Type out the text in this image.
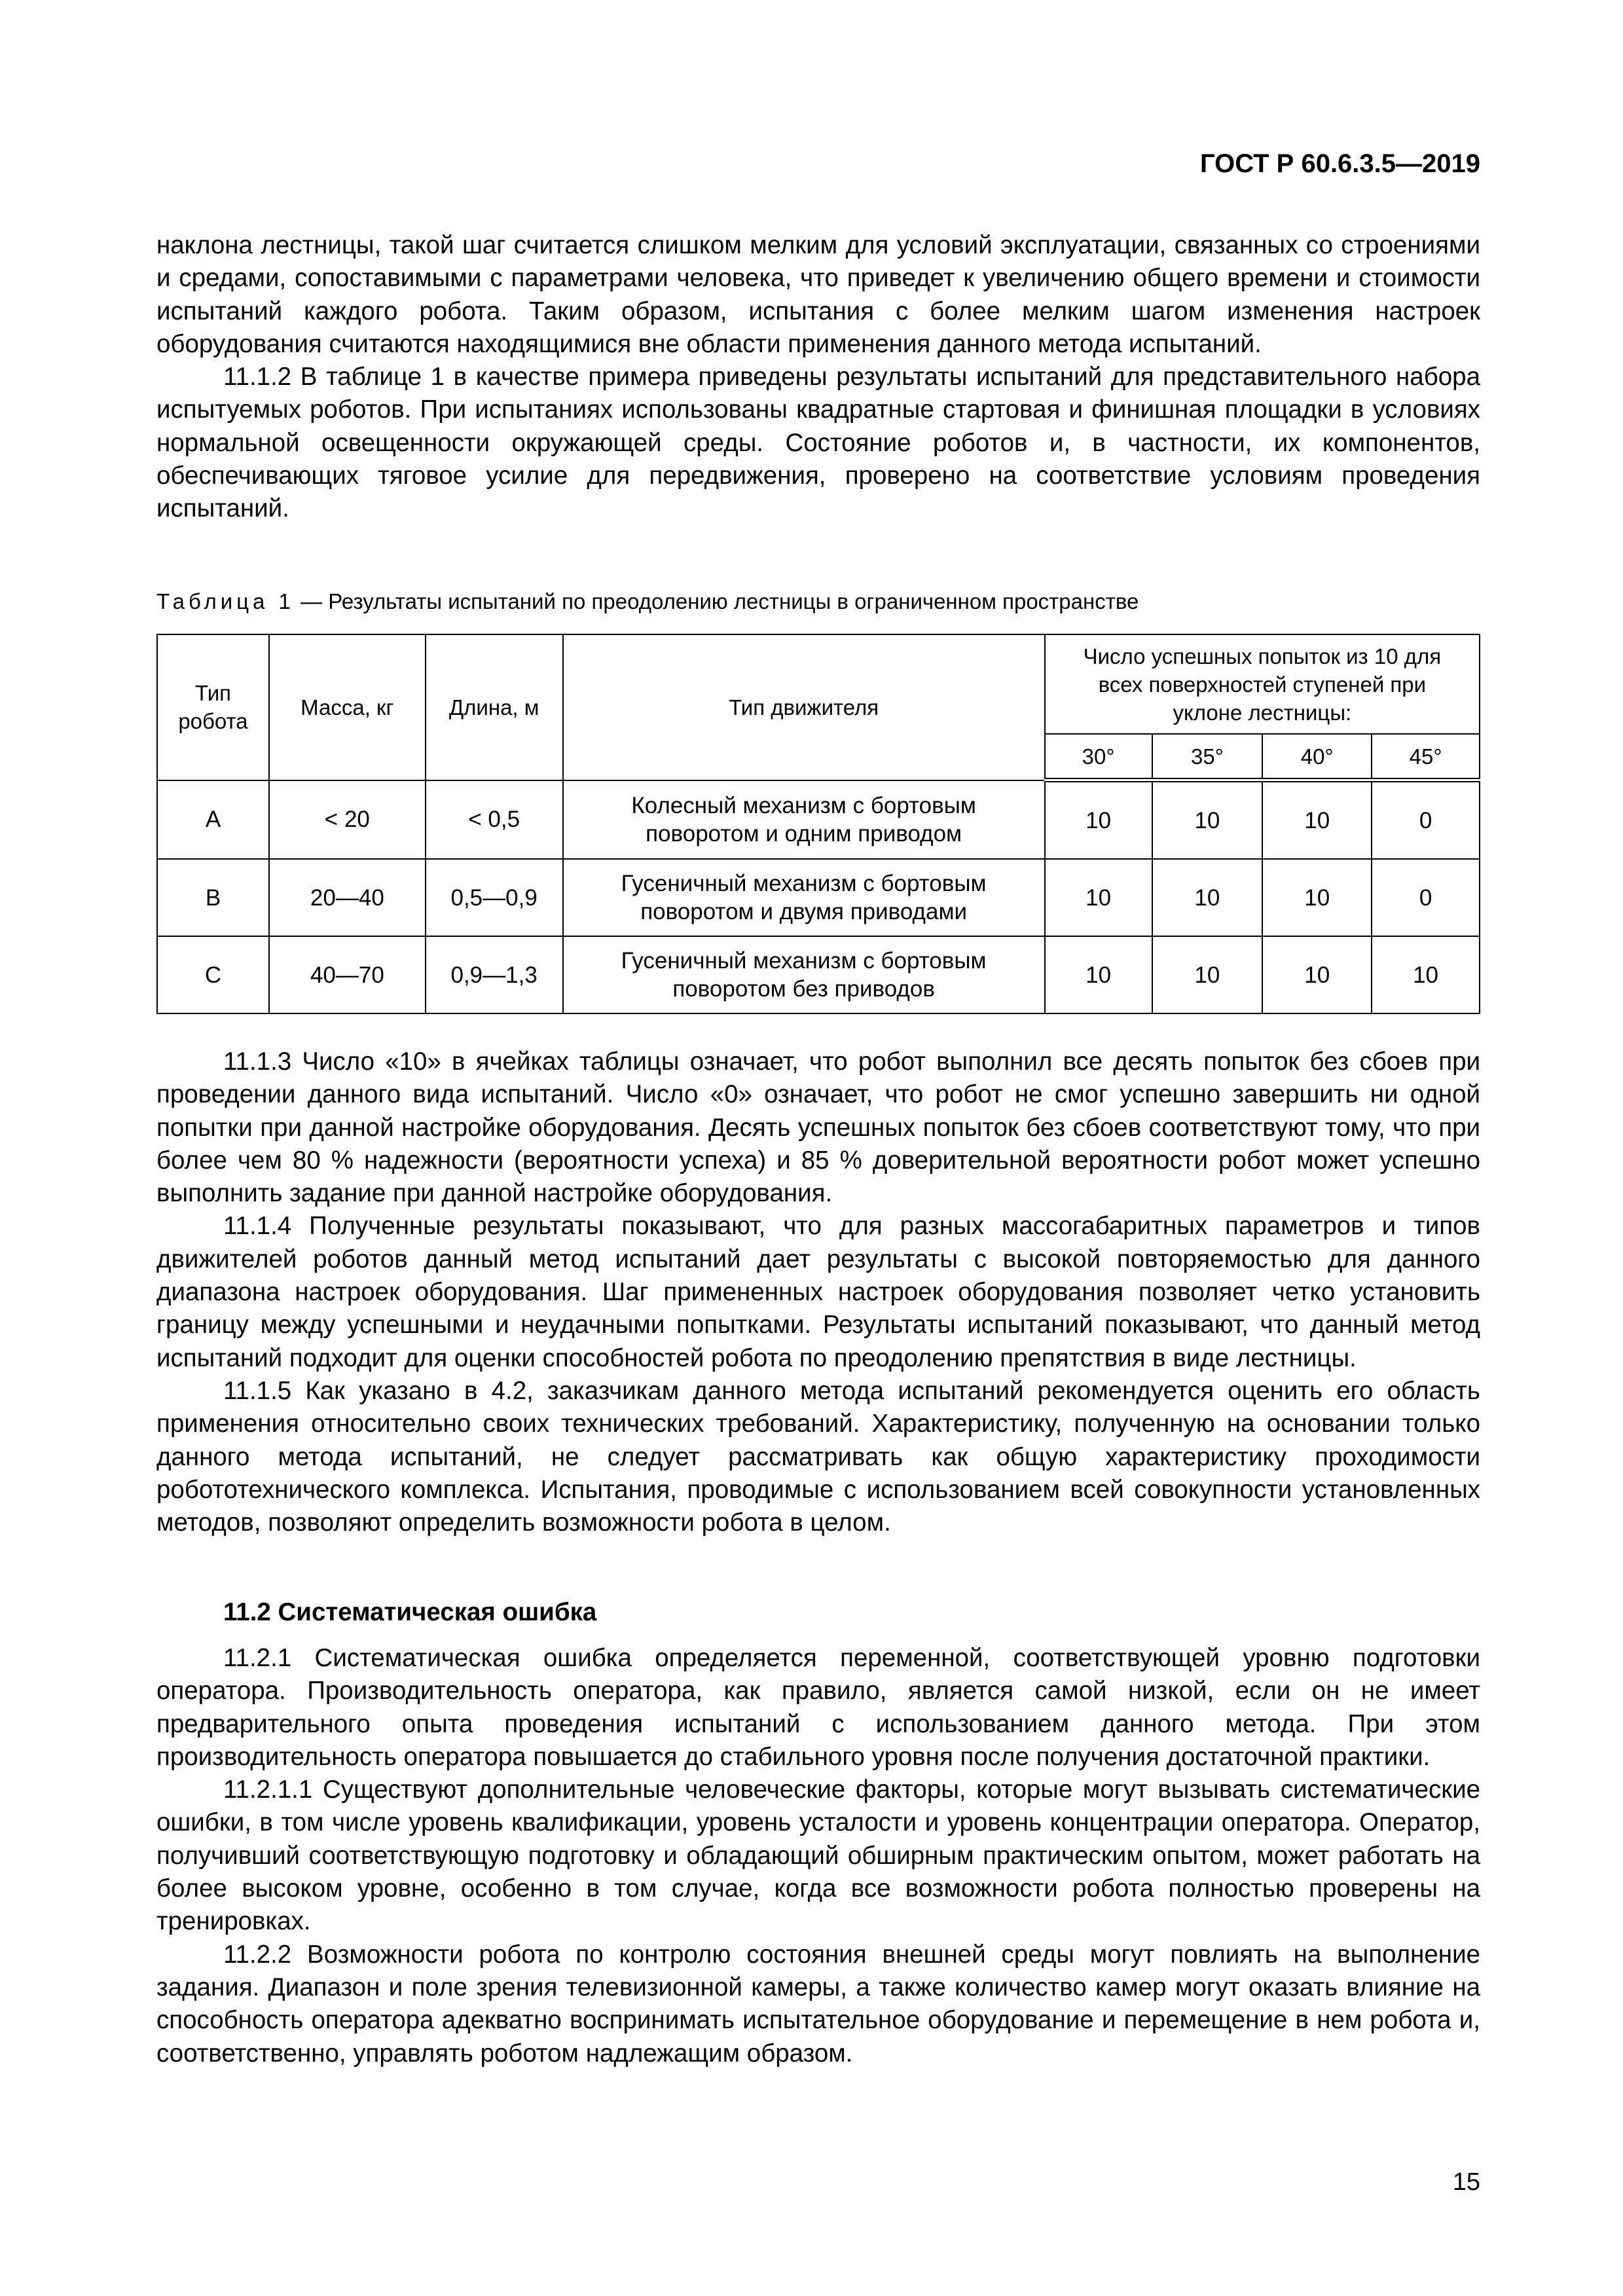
ГОСТ Р 60.6.3.5—2019

наклона лестницы, такой шаг считается слишком мелким для условий эксплуатации, связанных со строениями и средами, сопоставимыми с параметрами человека, что приведет к увеличению общего времени и стоимости испытаний каждого робота. Таким образом, испытания с более мелким шагом изменения настроек оборудования считаются находящимися вне области применения данного метода испытаний.

11.1.2 В таблице 1 в качестве примера приведены результаты испытаний для представительного набора испытуемых роботов. При испытаниях использованы квадратные стартовая и финишная площадки в условиях нормальной освещенности окружающей среды. Состояние роботов и, в частности, их компонентов, обеспечивающих тяговое усилие для передвижения, проверено на соответствие условиям проведения испытаний.

Таблица 1 — Результаты испытаний по преодолению лестницы в ограниченном пространстве
Тип робота	Масса, кг	Длина, м	Тип движителя	Число успешных попыток из 10 для всех поверхностей ступеней при уклоне лестницы:			
				30°	35°	40°	45°
A	< 20	< 0,5	Колесный механизм с бортовым поворотом и одним приводом	10	10	10	0
B	20—40	0,5—0,9	Гусеничный механизм с бортовым поворотом и двумя приводами	10	10	10	0
C	40—70	0,9—1,3	Гусеничный механизм с бортовым поворотом без приводов	10	10	10	10

11.1.3 Число «10» в ячейках таблицы означает, что робот выполнил все десять попыток без сбоев при проведении данного вида испытаний. Число «0» означает, что робот не смог успешно завершить ни одной попытки при данной настройке оборудования. Десять успешных попыток без сбоев соответствуют тому, что при более чем 80 % надежности (вероятности успеха) и 85 % доверительной вероятности робот может успешно выполнить задание при данной настройке оборудования.

11.1.4 Полученные результаты показывают, что для разных массогабаритных параметров и типов движителей роботов данный метод испытаний дает результаты с высокой повторяемостью для данного диапазона настроек оборудования. Шаг примененных настроек оборудования позволяет четко установить границу между успешными и неудачными попытками. Результаты испытаний показывают, что данный метод испытаний подходит для оценки способностей робота по преодолению препятствия в виде лестницы.

11.1.5 Как указано в 4.2, заказчикам данного метода испытаний рекомендуется оценить его область применения относительно своих технических требований. Характеристику, полученную на основании только данного метода испытаний, не следует рассматривать как общую характеристику проходимости робототехнического комплекса. Испытания, проводимые с использованием всей совокупности установленных методов, позволяют определить возможности робота в целом.

11.2 Систематическая ошибка

11.2.1 Систематическая ошибка определяется переменной, соответствующей уровню подготовки оператора. Производительность оператора, как правило, является самой низкой, если он не имеет предварительного опыта проведения испытаний с использованием данного метода. При этом производительность оператора повышается до стабильного уровня после получения достаточной практики.

11.2.1.1 Существуют дополнительные человеческие факторы, которые могут вызывать систематические ошибки, в том числе уровень квалификации, уровень усталости и уровень концентрации оператора. Оператор, получивший соответствующую подготовку и обладающий обширным практическим опытом, может работать на более высоком уровне, особенно в том случае, когда все возможности робота полностью проверены на тренировках.

11.2.2 Возможности робота по контролю состояния внешней среды могут повлиять на выполнение задания. Диапазон и поле зрения телевизионной камеры, а также количество камер могут оказать влияние на способность оператора адекватно воспринимать испытательное оборудование и перемещение в нем робота и, соответственно, управлять роботом надлежащим образом.

15
